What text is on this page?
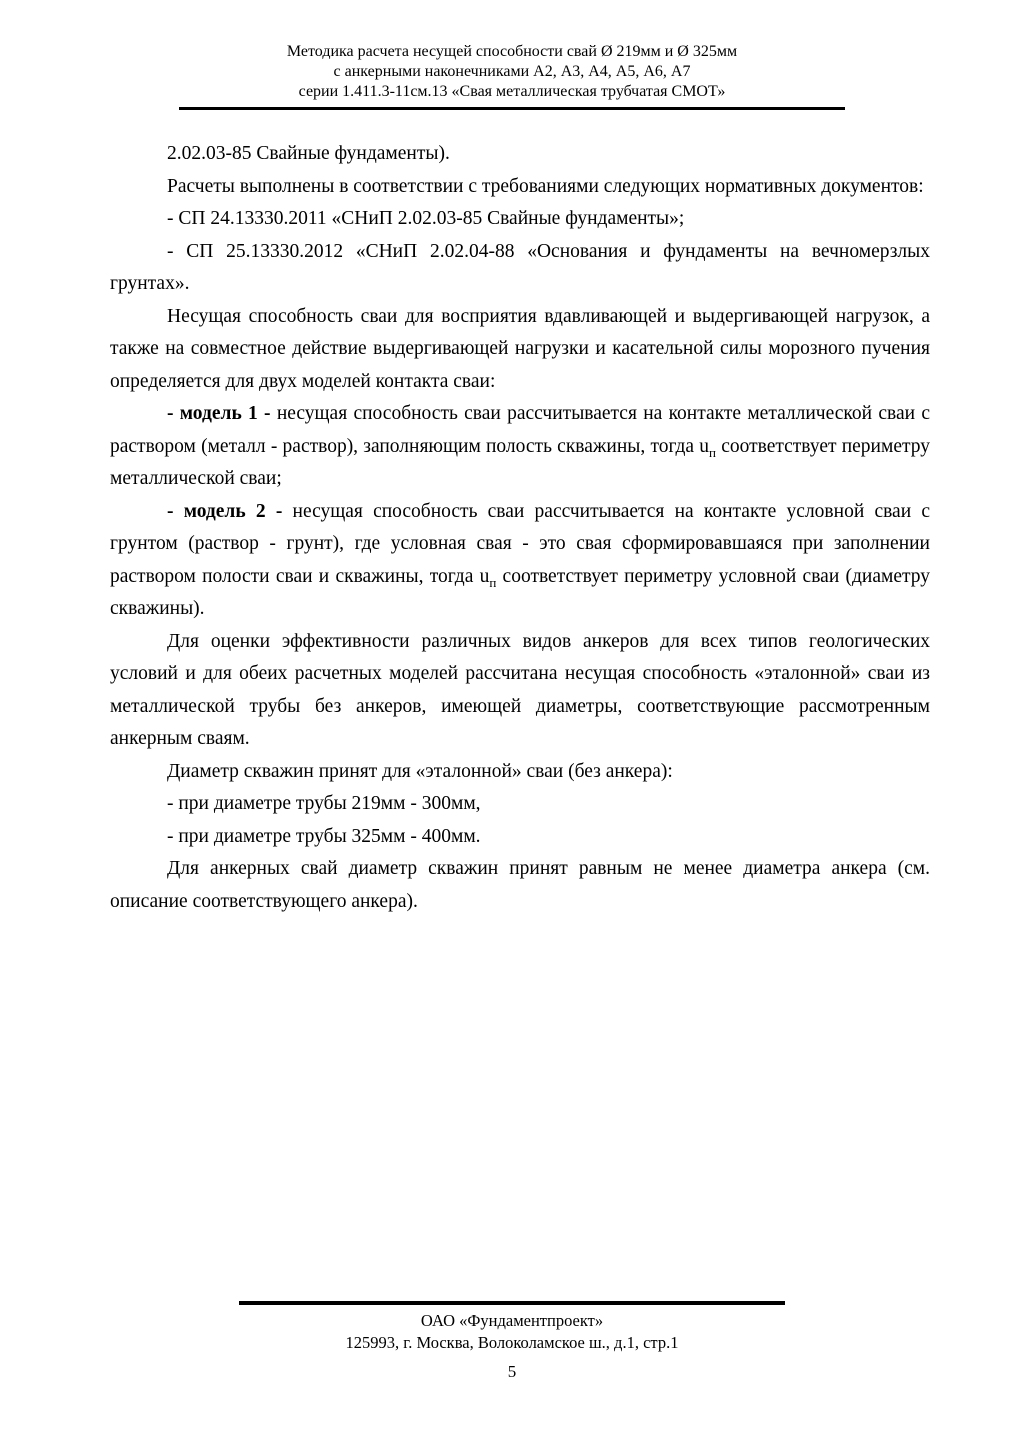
Методика расчета несущей способности свай Ø 219мм и Ø 325мм
с анкерными наконечниками А2, А3, А4, А5, А6, А7
серии 1.411.3-11см.13 «Свая металлическая трубчатая СМОТ»

2.02.03-85 Свайные фундаменты).

Расчеты выполнены в соответствии с требованиями следующих нормативных документов:

- СП 24.13330.2011 «СНиП 2.02.03-85 Свайные фундаменты»;

- СП 25.13330.2012 «СНиП 2.02.04-88 «Основания и фундаменты на вечномерзлых грунтах».

Несущая способность сваи для восприятия вдавливающей и выдергивающей нагрузок, а также на совместное действие выдергивающей нагрузки и касательной силы морозного пучения определяется для двух моделей контакта сваи:

- модель 1 - несущая способность сваи рассчитывается на контакте металлической сваи с раствором (металл - раствор), заполняющим полость скважины, тогда $u_п$ соответствует периметру металлической сваи;

- модель 2 - несущая способность сваи рассчитывается на контакте условной сваи с грунтом (раствор - грунт), где условная свая - это свая сформировавшаяся при заполнении раствором полости сваи и скважины, тогда $u_п$ соответствует периметру условной сваи (диаметру скважины).

Для оценки эффективности различных видов анкеров для всех типов геологических условий и для обеих расчетных моделей рассчитана несущая способность «эталонной» сваи из металлической трубы без анкеров, имеющей диаметры, соответствующие рассмотренным анкерным сваям.

Диаметр скважин принят для «эталонной» сваи (без анкера):

- при диаметре трубы 219мм - 300мм,

- при диаметре трубы 325мм - 400мм.

Для анкерных свай диаметр скважин принят равным не менее диаметра анкера (см. описание соответствующего анкера).

ОАО «Фундаментпроект»
125993, г. Москва, Волоколамское ш., д.1, стр.1
5
